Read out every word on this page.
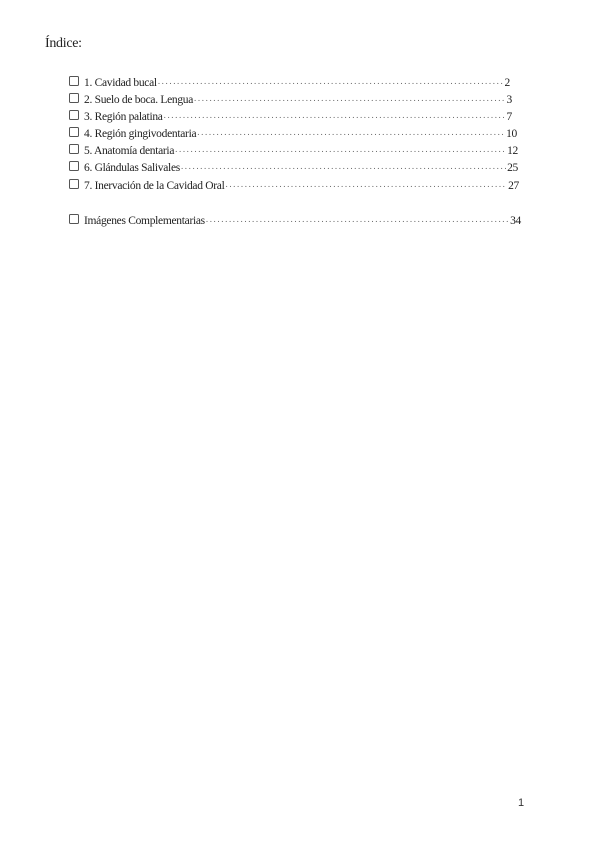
Índice:
1. Cavidad bucal .....	2
2. Suelo de boca. Lengua .....	3
3. Región palatina .....	7
4. Región gingivodentaria .....	10
5. Anatomía dentaria .....	12
6. Glándulas Salivales .....	25
7. Inervación de la Cavidad Oral .....	27
Imágenes Complementarias .....	34
1
